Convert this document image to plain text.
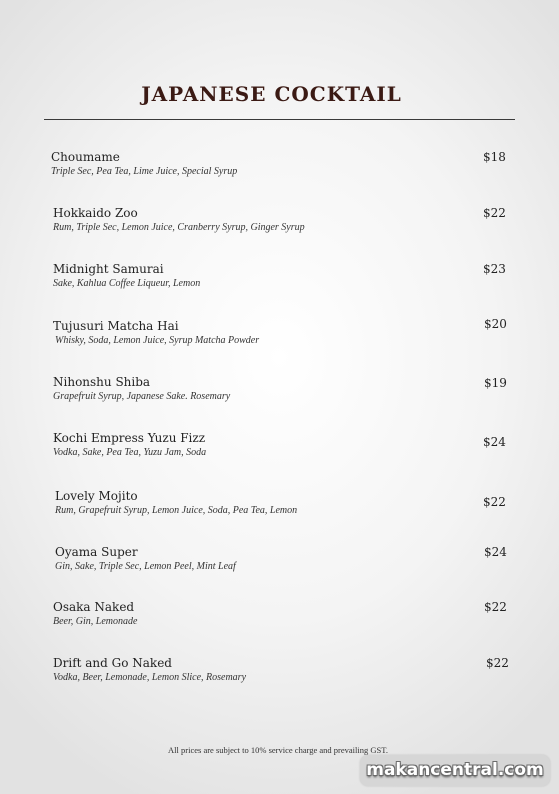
JAPANESE COCKTAIL
Choumame
Triple Sec, Pea Tea, Lime Juice, Special Syrup
$18
Hokkaido Zoo
Rum, Triple Sec, Lemon Juice, Cranberry Syrup, Ginger Syrup
$22
Midnight Samurai
Sake, Kahlua Coffee Liqueur, Lemon
$23
Tujusuri Matcha Hai
Whisky, Soda, Lemon Juice, Syrup Matcha Powder
$20
Nihonshu Shiba
Grapefruit Syrup, Japanese Sake. Rosemary
$19
Kochi Empress Yuzu Fizz
Vodka, Sake, Pea Tea, Yuzu Jam, Soda
$24
Lovely Mojito
Rum, Grapefruit Syrup, Lemon Juice, Soda, Pea Tea, Lemon
$22
Oyama Super
Gin, Sake, Triple Sec, Lemon Peel, Mint Leaf
$24
Osaka Naked
Beer, Gin, Lemonade
$22
Drift and Go Naked
Vodka, Beer, Lemonade, Lemon Slice, Rosemary
$22
All prices are subject to 10% service charge and prevailing GST.
makancentral.com
